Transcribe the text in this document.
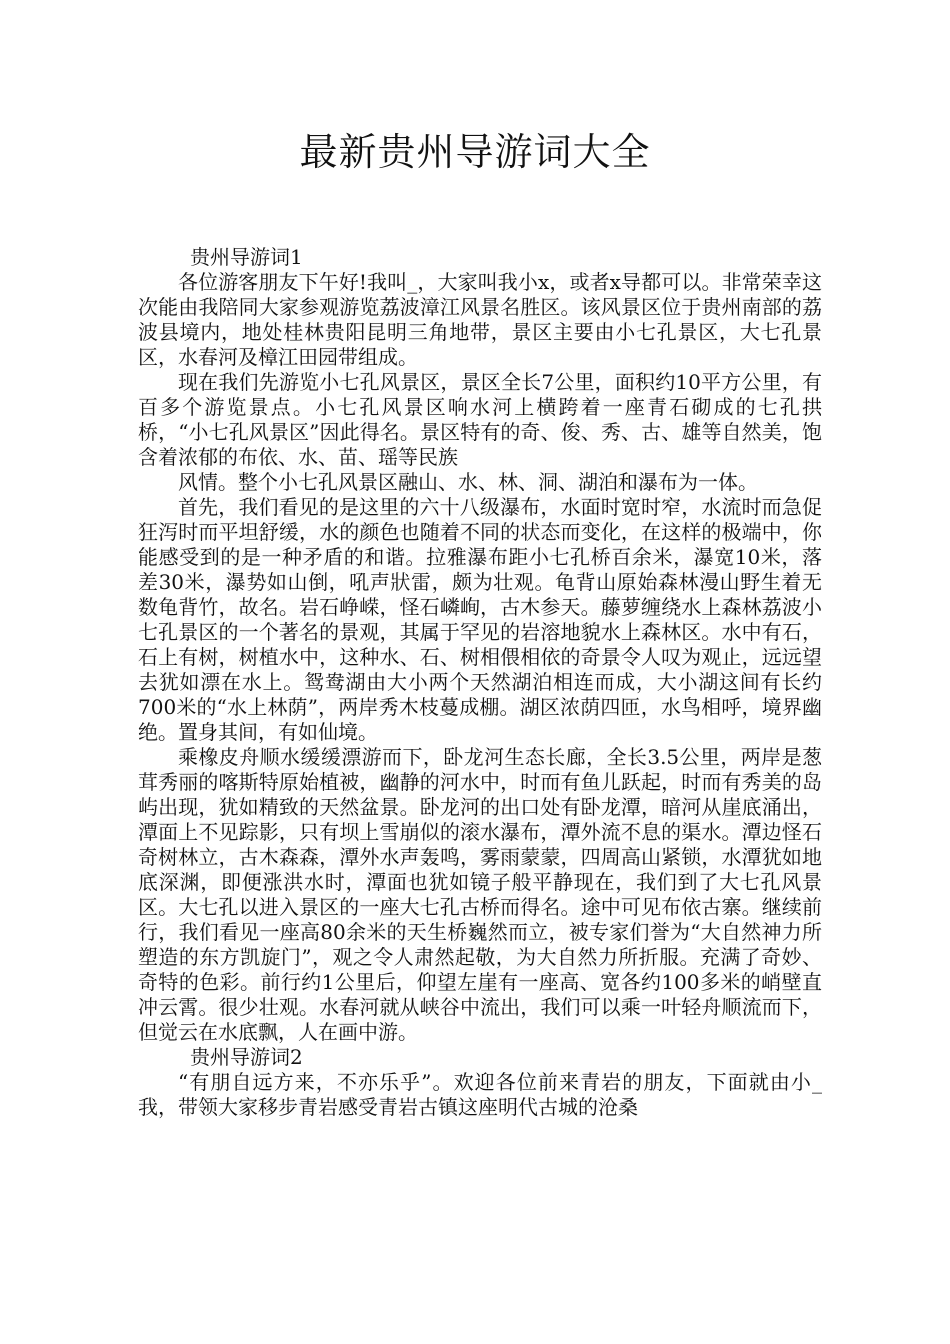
最新贵州导游词大全

贵州导游词1

各位游客朋友下午好!我叫_，大家叫我小x，或者x导都可以。非常荣幸这次能由我陪同大家参观游览荔波漳江风景名胜区。该风景区位于贵州南部的荔波县境内，地处桂林贵阳昆明三角地带，景区主要由小七孔景区，大七孔景区，水春河及樟江田园带组成。

现在我们先游览小七孔风景区，景区全长7公里，面积约10平方公里，有百多个游览景点。小七孔风景区响水河上横跨着一座青石砌成的七孔拱桥，“小七孔风景区”因此得名。景区特有的奇、俊、秀、古、雄等自然美，饱含着浓郁的布依、水、苗、瑶等民族

风情。整个小七孔风景区融山、水、林、洞、湖泊和瀑布为一体。

首先，我们看见的是这里的六十八级瀑布，水面时宽时窄，水流时而急促狂泻时而平坦舒缓，水的颜色也随着不同的状态而变化，在这样的极端中，你能感受到的是一种矛盾的和谐。拉雅瀑布距小七孔桥百余米，瀑宽10米，落差30米，瀑势如山倒，吼声狀雷，颇为壮观。龟背山原始森林漫山野生着无数龟背竹，故名。岩石峥嵘，怪石嶙峋，古木参天。藤萝缠绕水上森林荔波小七孔景区的一个著名的景观，其属于罕见的岩溶地貌水上森林区。水中有石，石上有树，树植水中，这种水、石、树相偎相依的奇景令人叹为观止，远远望去犹如漂在水上。鸳鸯湖由大小两个天然湖泊相连而成，大小湖这间有长约700米的“水上林荫”，两岸秀木枝蔓成棚。湖区浓荫四匝，水鸟相呼，境界幽绝。置身其间，有如仙境。

乘橡皮舟顺水缓缓漂游而下，卧龙河生态长廊，全长3.5公里，两岸是葱茸秀丽的喀斯特原始植被，幽静的河水中，时而有鱼儿跃起，时而有秀美的岛屿出现，犹如精致的天然盆景。卧龙河的出口处有卧龙潭，暗河从崖底涌出，潭面上不见踪影，只有坝上雪崩似的滚水瀑布，潭外流不息的渠水。潭边怪石奇树林立，古木森森，潭外水声轰鸣，雾雨蒙蒙，四周高山紧锁，水潭犹如地底深渊，即便涨洪水时，潭面也犹如镜子般平静现在，我们到了大七孔风景区。大七孔以进入景区的一座大七孔古桥而得名。途中可见布依古寨。继续前行，我们看见一座高80余米的天生桥巍然而立，被专家们誉为“大自然神力所塑造的东方凯旋门”，观之令人肃然起敬，为大自然力所折服。充满了奇妙、奇特的色彩。前行约1公里后，仰望左崖有一座高、宽各约100多米的峭壁直冲云霄。很少壮观。水春河就从峡谷中流出，我们可以乘一叶轻舟顺流而下，但觉云在水底飘，人在画中游。

贵州导游词2

“有朋自远方来，不亦乐乎”。欢迎各位前来青岩的朋友，下面就由小_我，带领大家移步青岩感受青岩古镇这座明代古城的沧桑
